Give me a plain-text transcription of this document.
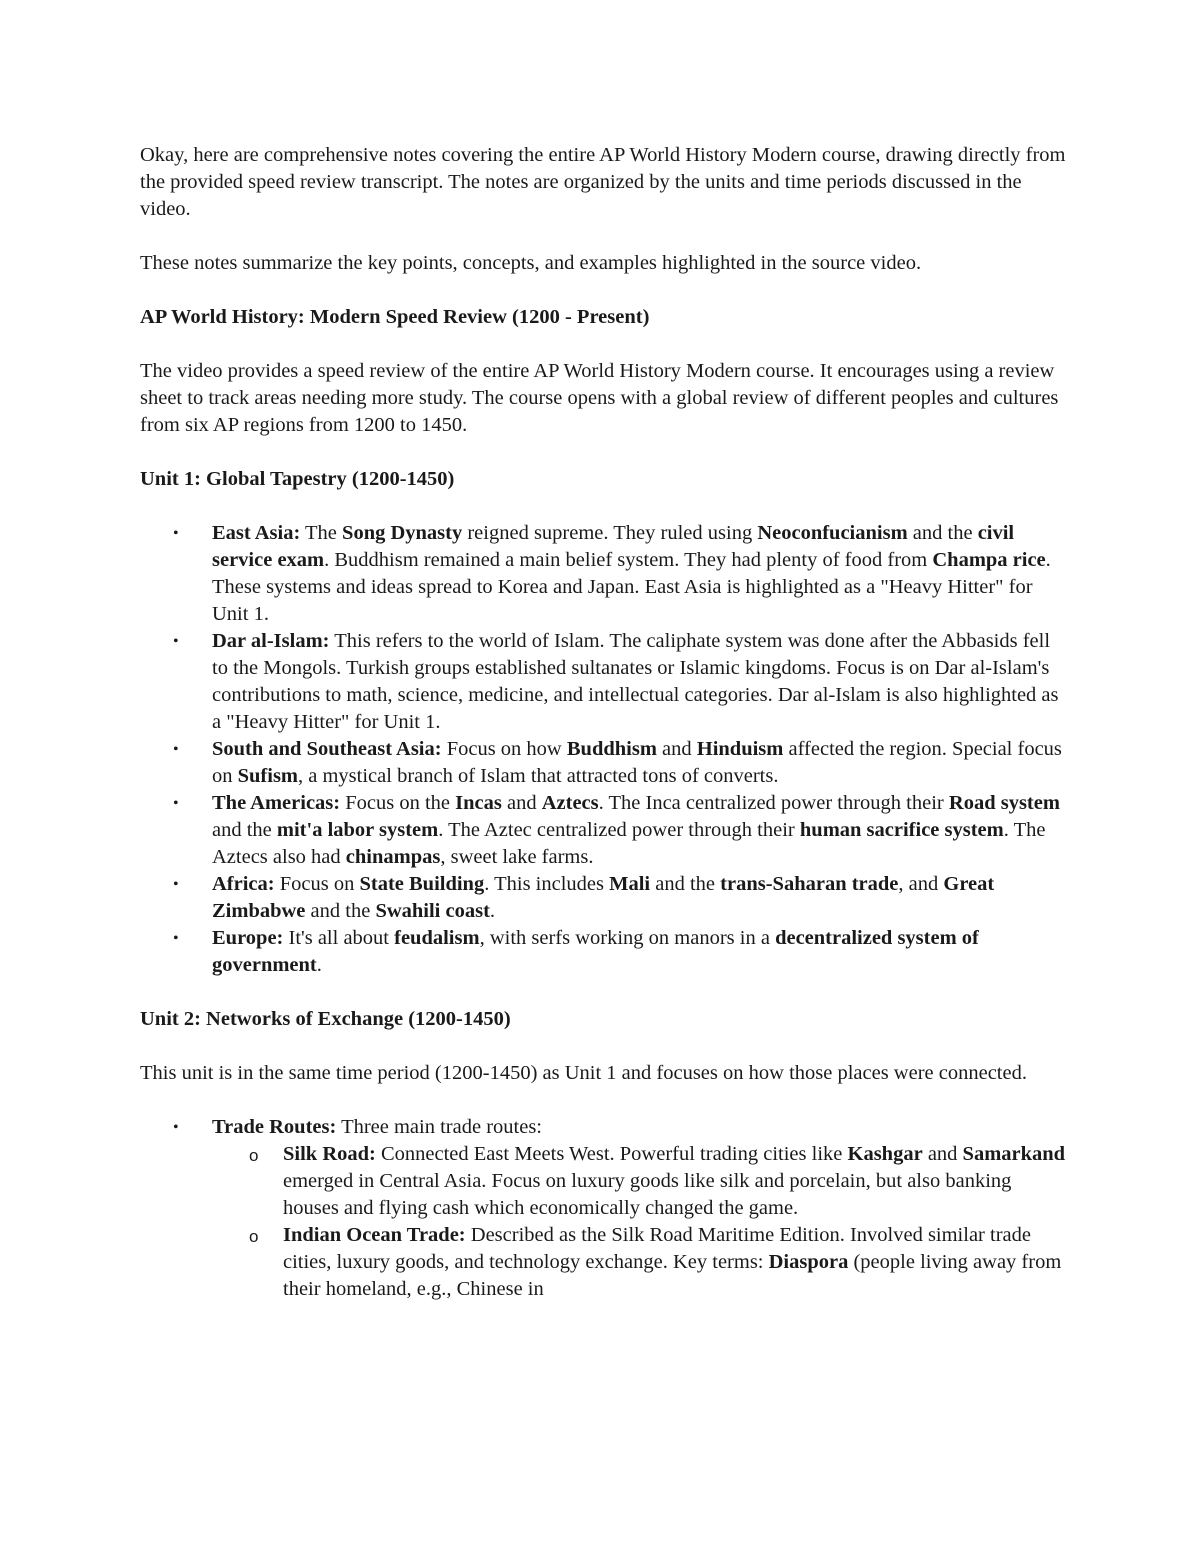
Okay, here are comprehensive notes covering the entire AP World History Modern course, drawing directly from the provided speed review transcript. The notes are organized by the units and time periods discussed in the video.

These notes summarize the key points, concepts, and examples highlighted in the source video.

AP World History: Modern Speed Review (1200 - Present)

The video provides a speed review of the entire AP World History Modern course. It encourages using a review sheet to track areas needing more study. The course opens with a global review of different peoples and cultures from six AP regions from 1200 to 1450.

Unit 1: Global Tapestry (1200-1450)
• East Asia: The Song Dynasty reigned supreme. They ruled using Neoconfucianism and the civil service exam. Buddhism remained a main belief system. They had plenty of food from Champa rice. These systems and ideas spread to Korea and Japan. East Asia is highlighted as a "Heavy Hitter" for Unit 1.
• Dar al-Islam: This refers to the world of Islam. The caliphate system was done after the Abbasids fell to the Mongols. Turkish groups established sultanates or Islamic kingdoms. Focus is on Dar al-Islam's contributions to math, science, medicine, and intellectual categories. Dar al-Islam is also highlighted as a "Heavy Hitter" for Unit 1.
• South and Southeast Asia: Focus on how Buddhism and Hinduism affected the region. Special focus on Sufism, a mystical branch of Islam that attracted tons of converts.
• The Americas: Focus on the Incas and Aztecs. The Inca centralized power through their Road system and the mit'a labor system. The Aztec centralized power through their human sacrifice system. The Aztecs also had chinampas, sweet lake farms.
• Africa: Focus on State Building. This includes Mali and the trans-Saharan trade, and Great Zimbabwe and the Swahili coast.
• Europe: It's all about feudalism, with serfs working on manors in a decentralized system of government.
Unit 2: Networks of Exchange (1200-1450)

This unit is in the same time period (1200-1450) as Unit 1 and focuses on how those places were connected.

• Trade Routes: Three main trade routes:
o Silk Road: Connected East Meets West. Powerful trading cities like Kashgar and Samarkand emerged in Central Asia. Focus on luxury goods like silk and porcelain, but also banking houses and flying cash which economically changed the game.
o Indian Ocean Trade: Described as the Silk Road Maritime Edition. Involved similar trade cities, luxury goods, and technology exchange. Key terms: Diaspora (people living away from their homeland, e.g., Chinese in
